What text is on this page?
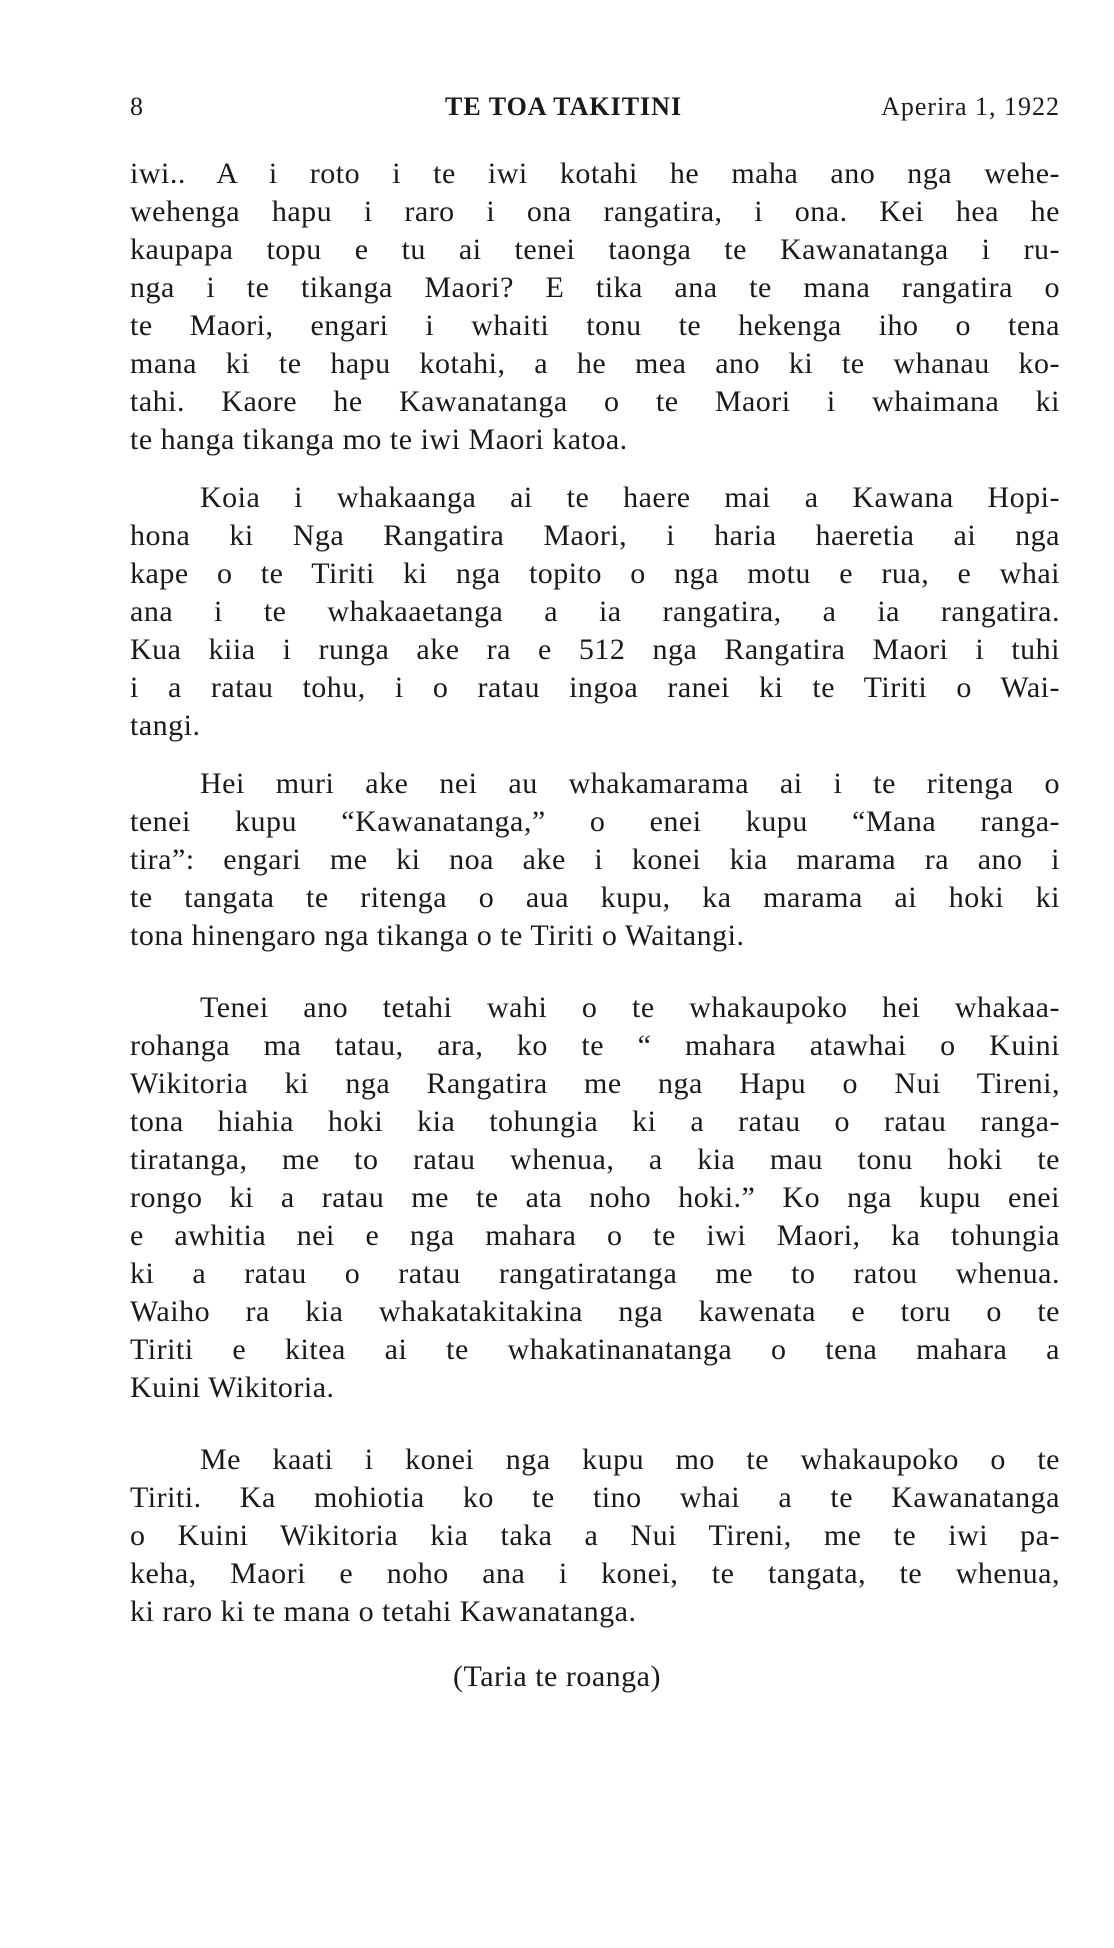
8	TE TOA TAKITINI	Aperira 1, 1922

iwi.. A i roto i te iwi kotahi he maha ano nga wehe-
wehenga hapu i raro i ona rangatira, i ona. Kei hea he
kaupapa topu e tu ai tenei taonga te Kawanatanga i ru-
nga i te tikanga Maori? E tika ana te mana rangatira o
te Maori, engari i whaiti tonu te hekenga iho o tena
mana ki te hapu kotahi, a he mea ano ki te whanau ko-
tahi. Kaore he Kawanatanga o te Maori i whaimana ki
te hanga tikanga mo te iwi Maori katoa.

Koia i whakaanga ai te haere mai a Kawana Hopi-
hona ki Nga Rangatira Maori, i haria haeretia ai nga
kape o te Tiriti ki nga topito o nga motu e rua, e whai
ana i te whakaaetanga a ia rangatira, a ia rangatira.
Kua kiia i runga ake ra e 512 nga Rangatira Maori i tuhi
i a ratau tohu, i o ratau ingoa ranei ki te Tiriti o Wai-
tangi.

Hei muri ake nei au whakamarama ai i te ritenga o
tenei kupu “Kawanatanga,” o enei kupu “Mana ranga-
tira”: engari me ki noa ake i konei kia marama ra ano i
te tangata te ritenga o aua kupu, ka marama ai hoki ki
tona hinengaro nga tikanga o te Tiriti o Waitangi.

Tenei ano tetahi wahi o te whakaupoko hei whakaa-
rohanga ma tatau, ara, ko te “ mahara atawhai o Kuini
Wikitoria ki nga Rangatira me nga Hapu o Nui Tireni,
tona hiahia hoki kia tohungia ki a ratau o ratau ranga-
tiratanga, me to ratau whenua, a kia mau tonu hoki te
rongo ki a ratau me te ata noho hoki.” Ko nga kupu enei
e awhitia nei e nga mahara o te iwi Maori, ka tohungia
ki a ratau o ratau rangatiratanga me to ratou whenua.
Waiho ra kia whakatakitakina nga kawenata e toru o te
Tiriti e kitea ai te whakatinanatanga o tena mahara a
Kuini Wikitoria.

Me kaati i konei nga kupu mo te whakaupoko o te
Tiriti. Ka mohiotia ko te tino whai a te Kawanatanga
o Kuini Wikitoria kia taka a Nui Tireni, me te iwi pa-
keha, Maori e noho ana i konei, te tangata, te whenua,
ki raro ki te mana o tetahi Kawanatanga.

(Taria te roanga)
